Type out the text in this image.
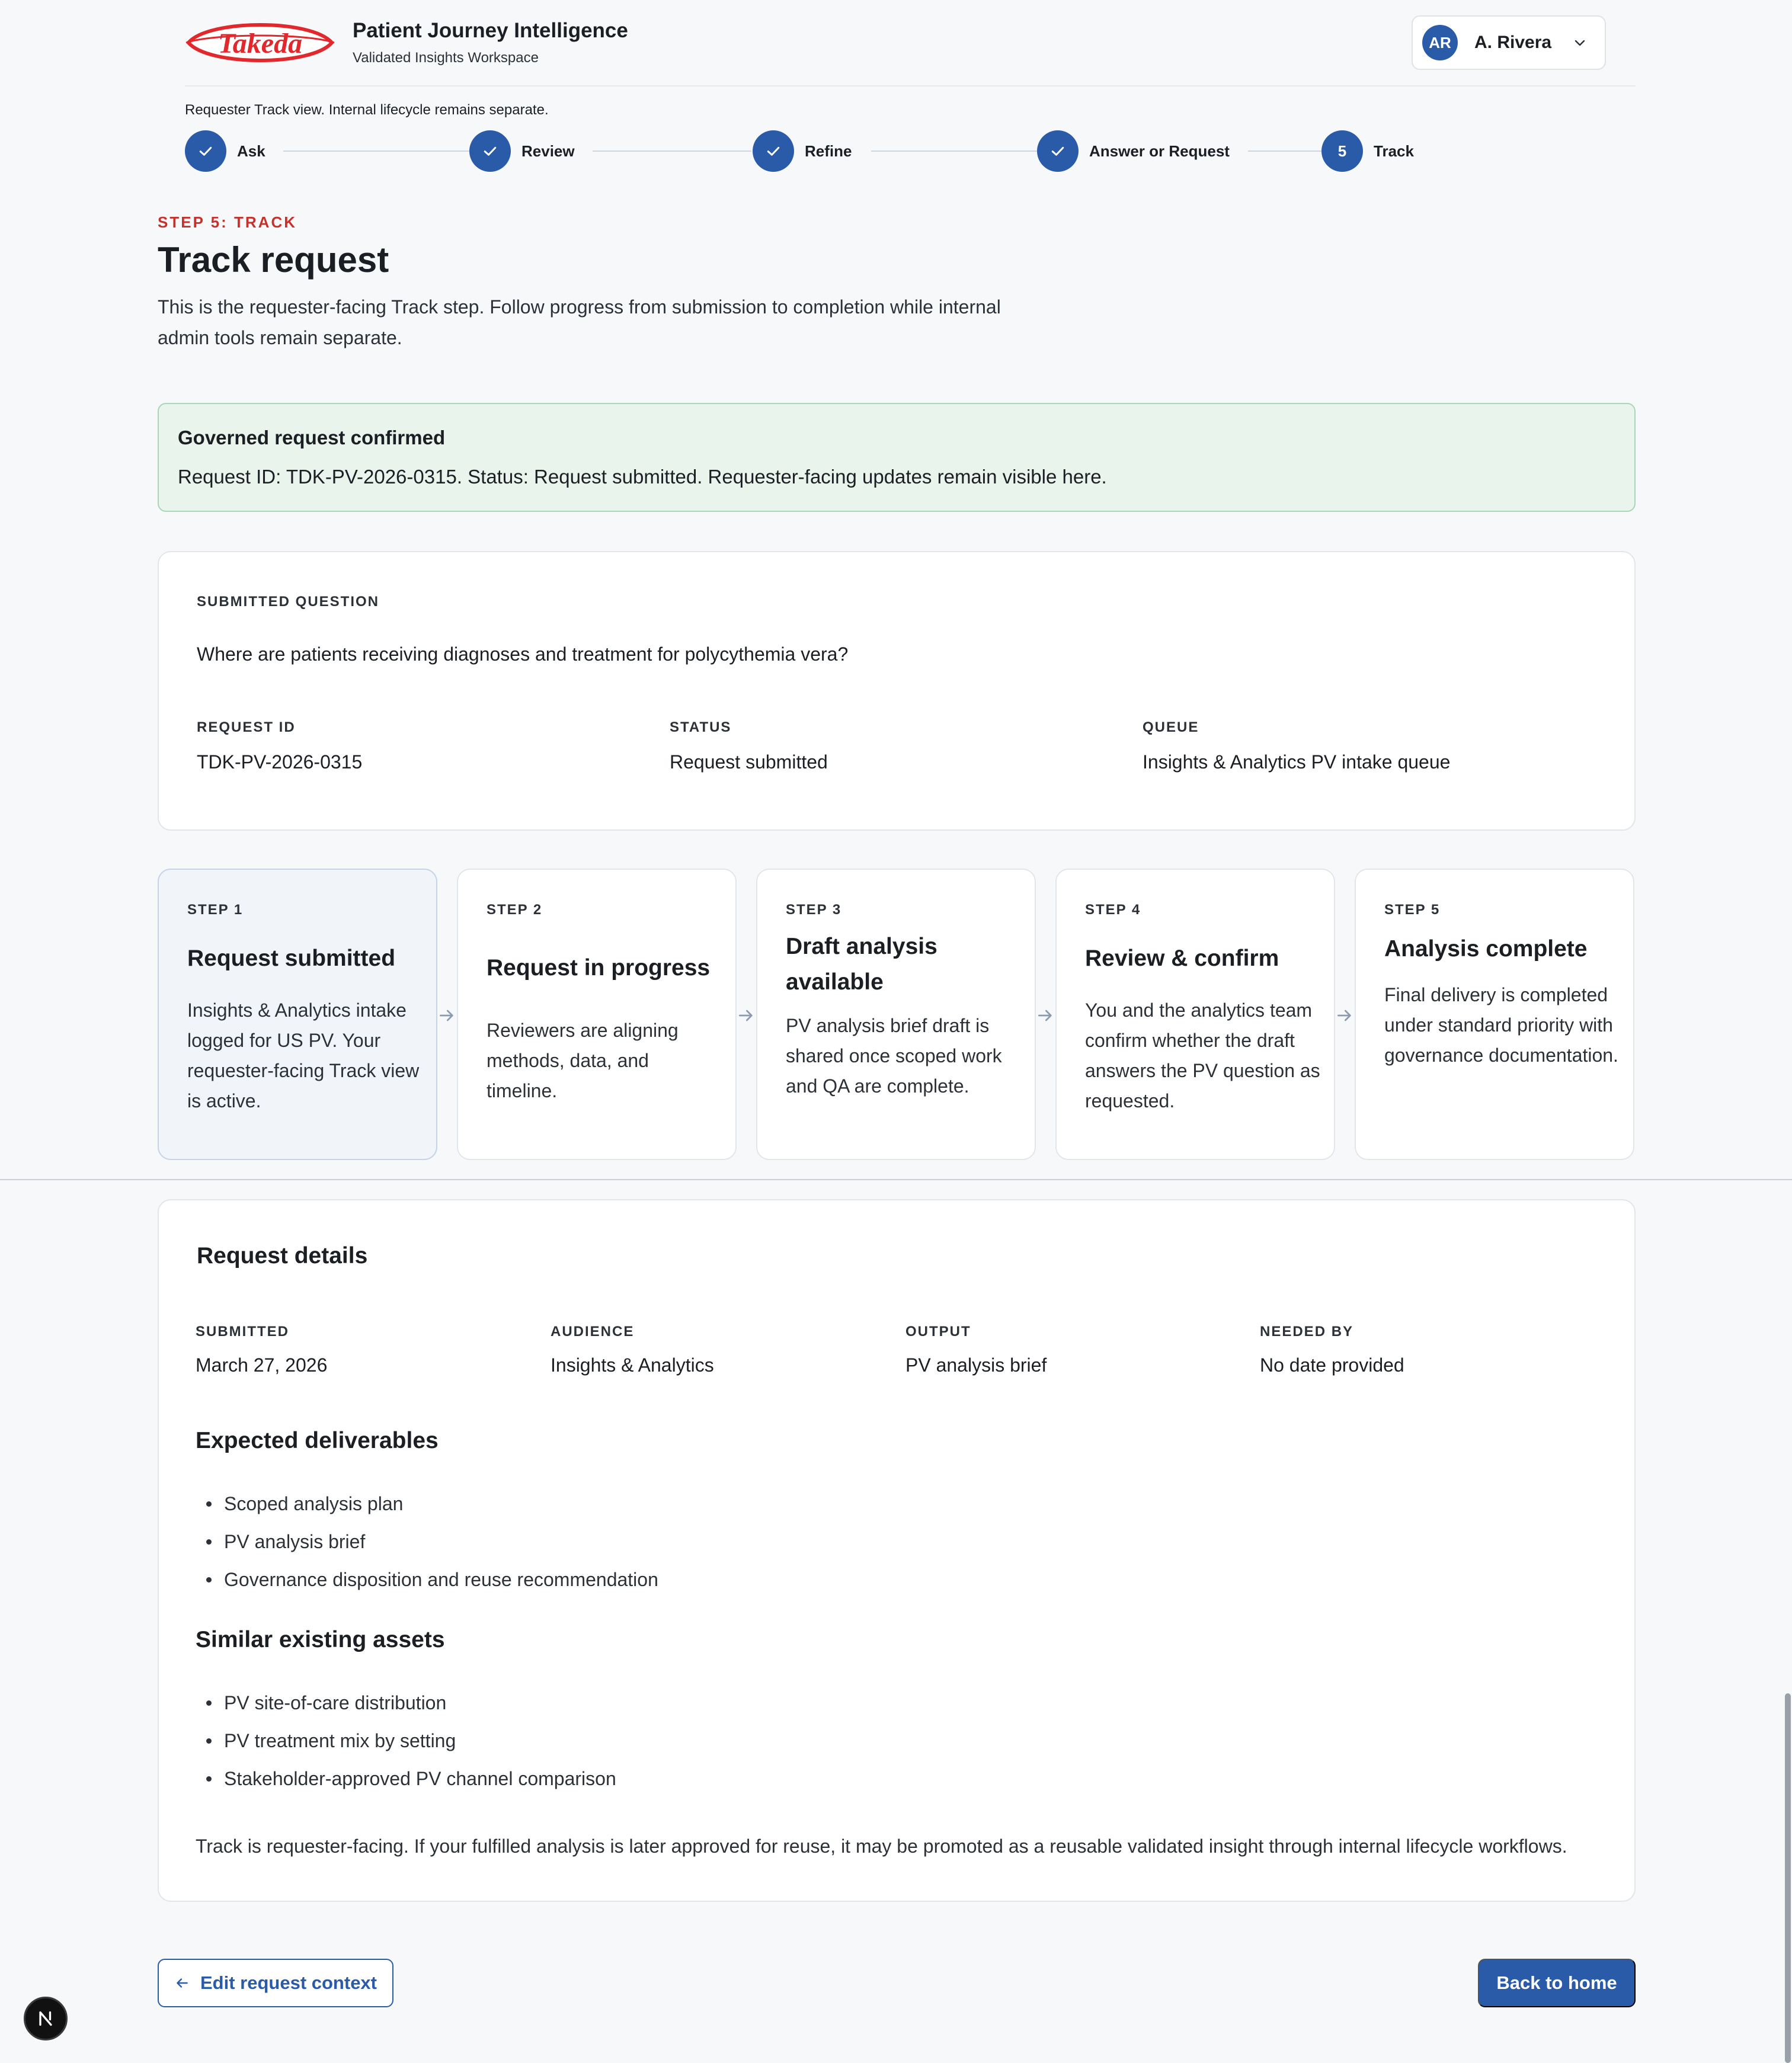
Takeda Patient Journey Intelligence
Validated Insights Workspace
AR	A. Rivera
Requester Track view. Internal lifecycle remains separate.
Ask	Review	Refine	Answer or Request	5	Track
STEP 5: TRACK
Track request

This is the requester-facing Track step. Follow progress from submission to completion while internal admin tools remain separate.

Governed request confirmed
Request ID: TDK-PV-2026-0315. Status: Request submitted. Requester-facing updates remain visible here.
SUBMITTED QUESTION
Where are patients receiving diagnoses and treatment for polycythemia vera?
REQUEST ID
TDK-PV-2026-0315
STATUS
Request submitted
QUEUE
Insights & Analytics PV intake queue
STEP 1
Request submitted
Insights & Analytics intake logged for US PV. Your requester-facing Track view is active.
STEP 2
Request in progress
Reviewers are aligning methods, data, and timeline.
STEP 3
Draft analysis available
PV analysis brief draft is shared once scoped work and QA are complete.
STEP 4
Review & confirm
You and the analytics team confirm whether the draft answers the PV question as requested.
STEP 5
Analysis complete
Final delivery is completed under standard priority with governance documentation.
Request details
SUBMITTED
March 27, 2026
AUDIENCE
Insights & Analytics
OUTPUT
PV analysis brief
NEEDED BY
No date provided
Expected deliverables
Scoped analysis plan
PV analysis brief
Governance disposition and reuse recommendation
Similar existing assets
PV site-of-care distribution
PV treatment mix by setting
Stakeholder-approved PV channel comparison
Track is requester-facing. If your fulfilled analysis is later approved for reuse, it may be promoted as a reusable validated insight through internal lifecycle workflows.
Edit request context	Back to home
